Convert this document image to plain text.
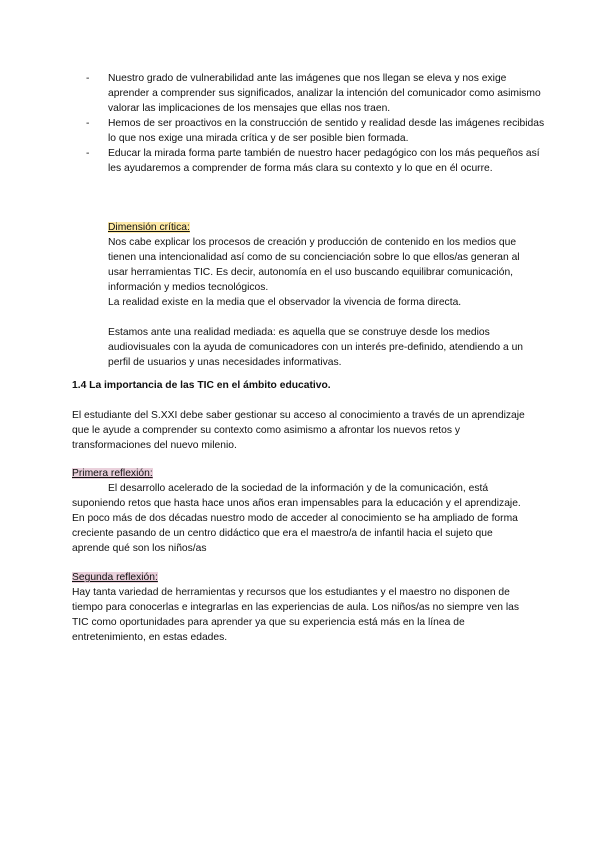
- Nuestro grado de vulnerabilidad ante las imágenes que nos llegan se eleva y nos exige aprender a comprender sus significados, analizar la intención del comunicador como asimismo valorar las implicaciones de los mensajes que ellas nos traen.
- Hemos de ser proactivos en la construcción de sentido y realidad desde las imágenes recibidas lo que nos exige una mirada crítica y de ser posible bien formada.
- Educar la mirada forma parte también de nuestro hacer pedagógico con los más pequeños así les ayudaremos a comprender de forma más clara su contexto y lo que en él ocurre.

Dimensión crítica:

Nos cabe explicar los procesos de creación y producción de contenido en los medios que tienen una intencionalidad así como de su concienciación sobre lo que ellos/as generan al usar herramientas TIC. Es decir, autonomía en el uso buscando equilibrar comunicación, información y medios tecnológicos.

La realidad existe en la media que el observador la vivencia de forma directa.

Estamos ante una realidad mediada: es aquella que se construye desde los medios audiovisuales con la ayuda de comunicadores con un interés pre-definido, atendiendo a un perfil de usuarios y unas necesidades informativas.

1.4 La importancia de las TIC en el ámbito educativo.

El estudiante del S.XXI debe saber gestionar su acceso al conocimiento a través de un aprendizaje que le ayude a comprender su contexto como asimismo a afrontar los nuevos retos y transformaciones del nuevo milenio.

Primera reflexión:

El desarrollo acelerado de la sociedad de la información y de la comunicación, está suponiendo retos que hasta hace unos años eran impensables para la educación y el aprendizaje. En poco más de dos décadas nuestro modo de acceder al conocimiento se ha ampliado de forma creciente pasando de un centro didáctico que era el maestro/a de infantil hacia el sujeto que aprende qué son los niños/as

Segunda reflexión:

Hay tanta variedad de herramientas y recursos que los estudiantes y el maestro no disponen de tiempo para conocerlas e integrarlas en las experiencias de aula. Los niños/as no siempre ven las TIC como oportunidades para aprender ya que su experiencia está más en la línea de entretenimiento, en estas edades.
